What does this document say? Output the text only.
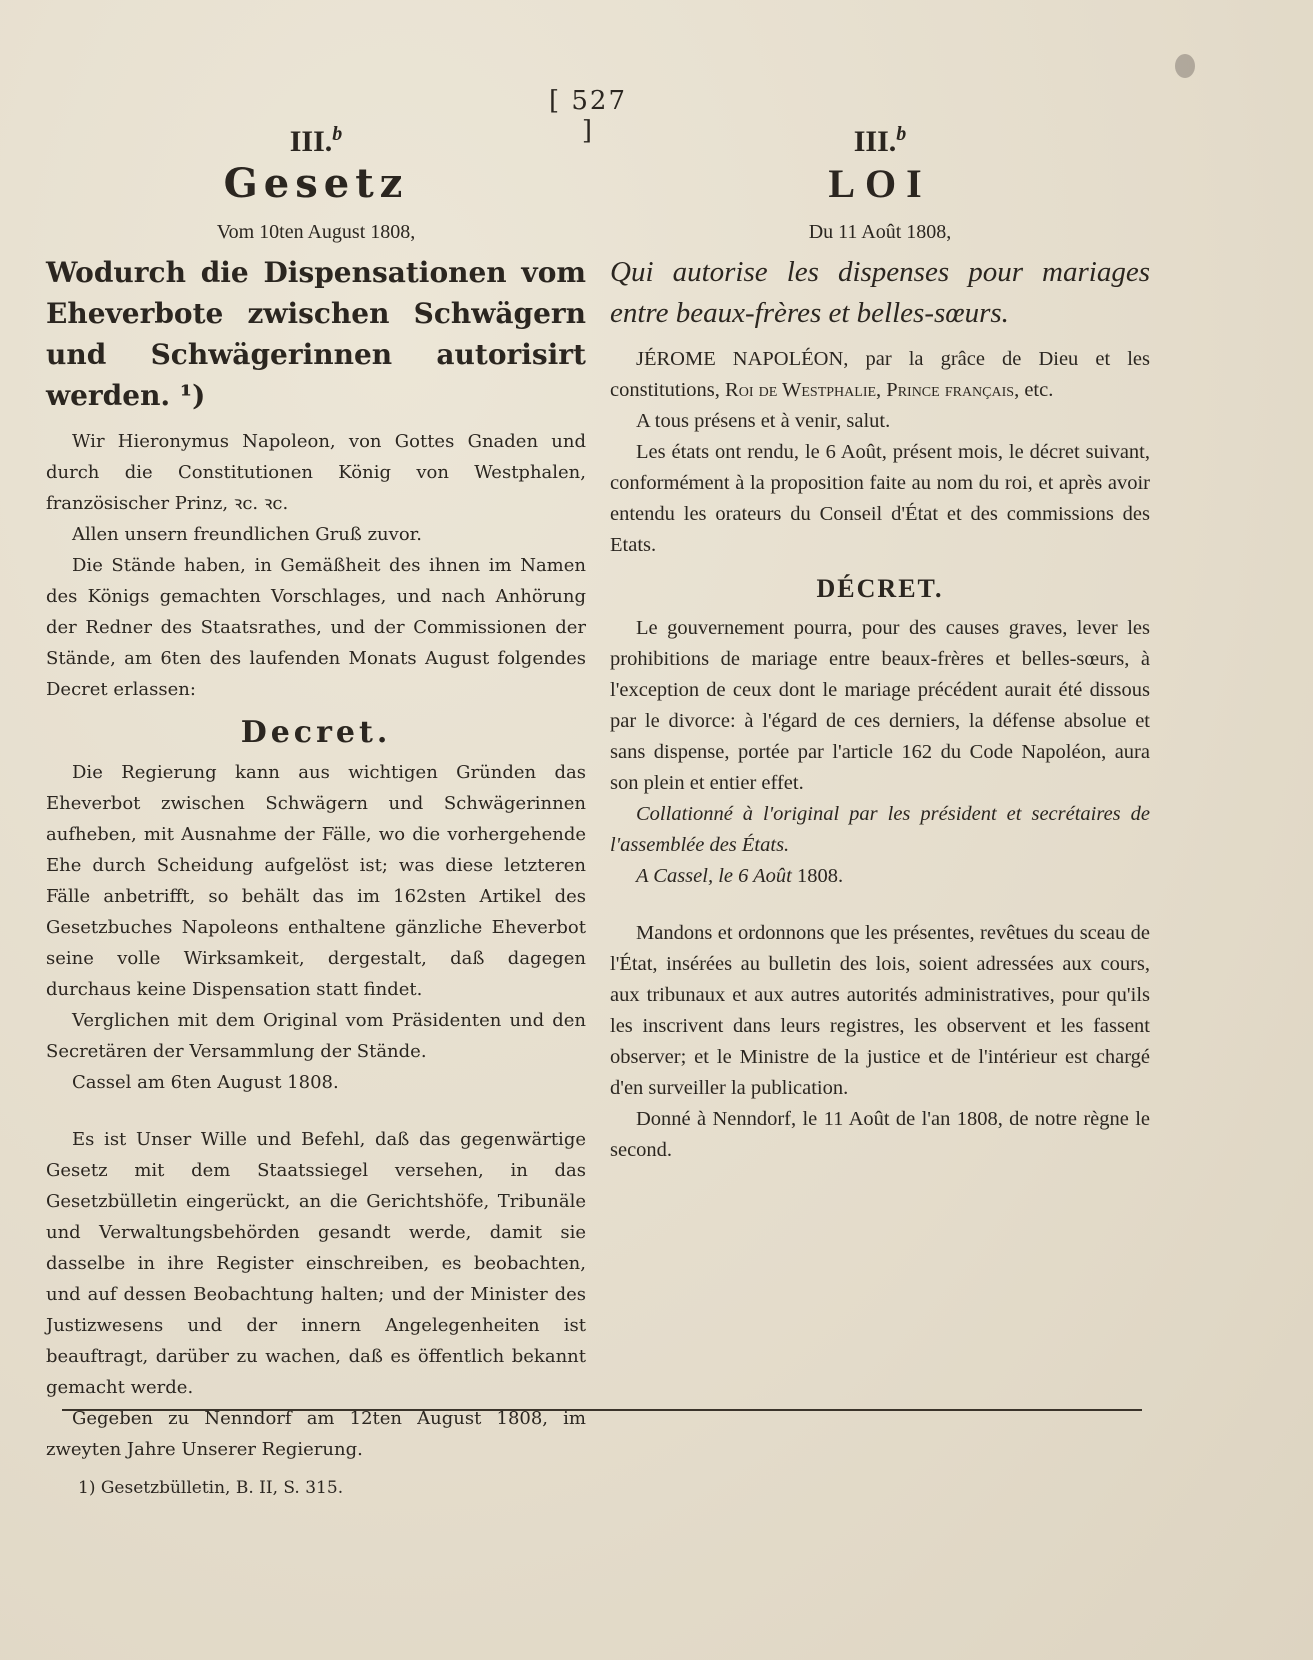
[ 527 ]
III.$^b$
Gesetz
Vom 10ten August 1808,
Wodurch die Dispensationen vom Eheverbote zwischen Schwägern und Schwägerinnen autorisirt werden. ¹)

Wir Hieronymus Napoleon, von Gottes Gnaden und durch die Constitutionen König von Westphalen, französischer Prinz, ꝛc. ꝛc.

Allen unsern freundlichen Gruß zuvor.

Die Stände haben, in Gemäßheit des ihnen im Namen des Königs gemachten Vorschlages, und nach Anhörung der Redner des Staatsrathes, und der Commissionen der Stände, am 6ten des laufenden Monats August folgendes Decret erlassen:

Decret.

Die Regierung kann aus wichtigen Gründen das Eheverbot zwischen Schwägern und Schwägerinnen aufheben, mit Ausnahme der Fälle, wo die vorhergehende Ehe durch Scheidung aufgelöst ist; was diese letzteren Fälle anbetrifft, so behält das im 162sten Artikel des Gesetzbuches Napoleons enthaltene gänzliche Eheverbot seine volle Wirksamkeit, dergestalt, daß dagegen durchaus keine Dispensation statt findet.

Verglichen mit dem Original vom Präsidenten und den Secretären der Versammlung der Stände.

Cassel am 6ten August 1808.

Es ist Unser Wille und Befehl, daß das gegenwärtige Gesetz mit dem Staatssiegel versehen, in das Gesetzbülletin eingerückt, an die Gerichtshöfe, Tribunäle und Verwaltungsbehörden gesandt werde, damit sie dasselbe in ihre Register einschreiben, es beobachten, und auf dessen Beobachtung halten; und der Minister des Justizwesens und der innern Angelegenheiten ist beauftragt, darüber zu wachen, daß es öffentlich bekannt gemacht werde.

Gegeben zu Nenndorf am 12ten August 1808, im zweyten Jahre Unserer Regierung.

III.$^b$
LOI
Du 11 Août 1808,
Qui autorise les dispenses pour mariages entre beaux-frères et belles-sœurs.

JÉROME NAPOLÉON, par la grâce de Dieu et les constitutions, Roi de Westphalie, Prince français, etc.

A tous présens et à venir, salut.

Les états ont rendu, le 6 Août, présent mois, le décret suivant, conformément à la proposition faite au nom du roi, et après avoir entendu les orateurs du Conseil d'État et des commissions des Etats.

DÉCRET.

Le gouvernement pourra, pour des causes graves, lever les prohibitions de mariage entre beaux-frères et belles-sœurs, à l'exception de ceux dont le mariage précédent aurait été dissous par le divorce: à l'égard de ces derniers, la défense absolue et sans dispense, portée par l'article 162 du Code Napoléon, aura son plein et entier effet.

Collationné à l'original par les président et secrétaires de l'assemblée des États.

A Cassel, le 6 Août 1808.

Mandons et ordonnons que les présentes, revêtues du sceau de l'État, insérées au bulletin des lois, soient adressées aux cours, aux tribunaux et aux autres autorités administratives, pour qu'ils les inscrivent dans leurs registres, les observent et les fassent observer; et le Ministre de la justice et de l'intérieur est chargé d'en surveiller la publication.

Donné à Nenndorf, le 11 Août de l'an 1808, de notre règne le second.

1) Gesetzbülletin, B. II, S. 315.
